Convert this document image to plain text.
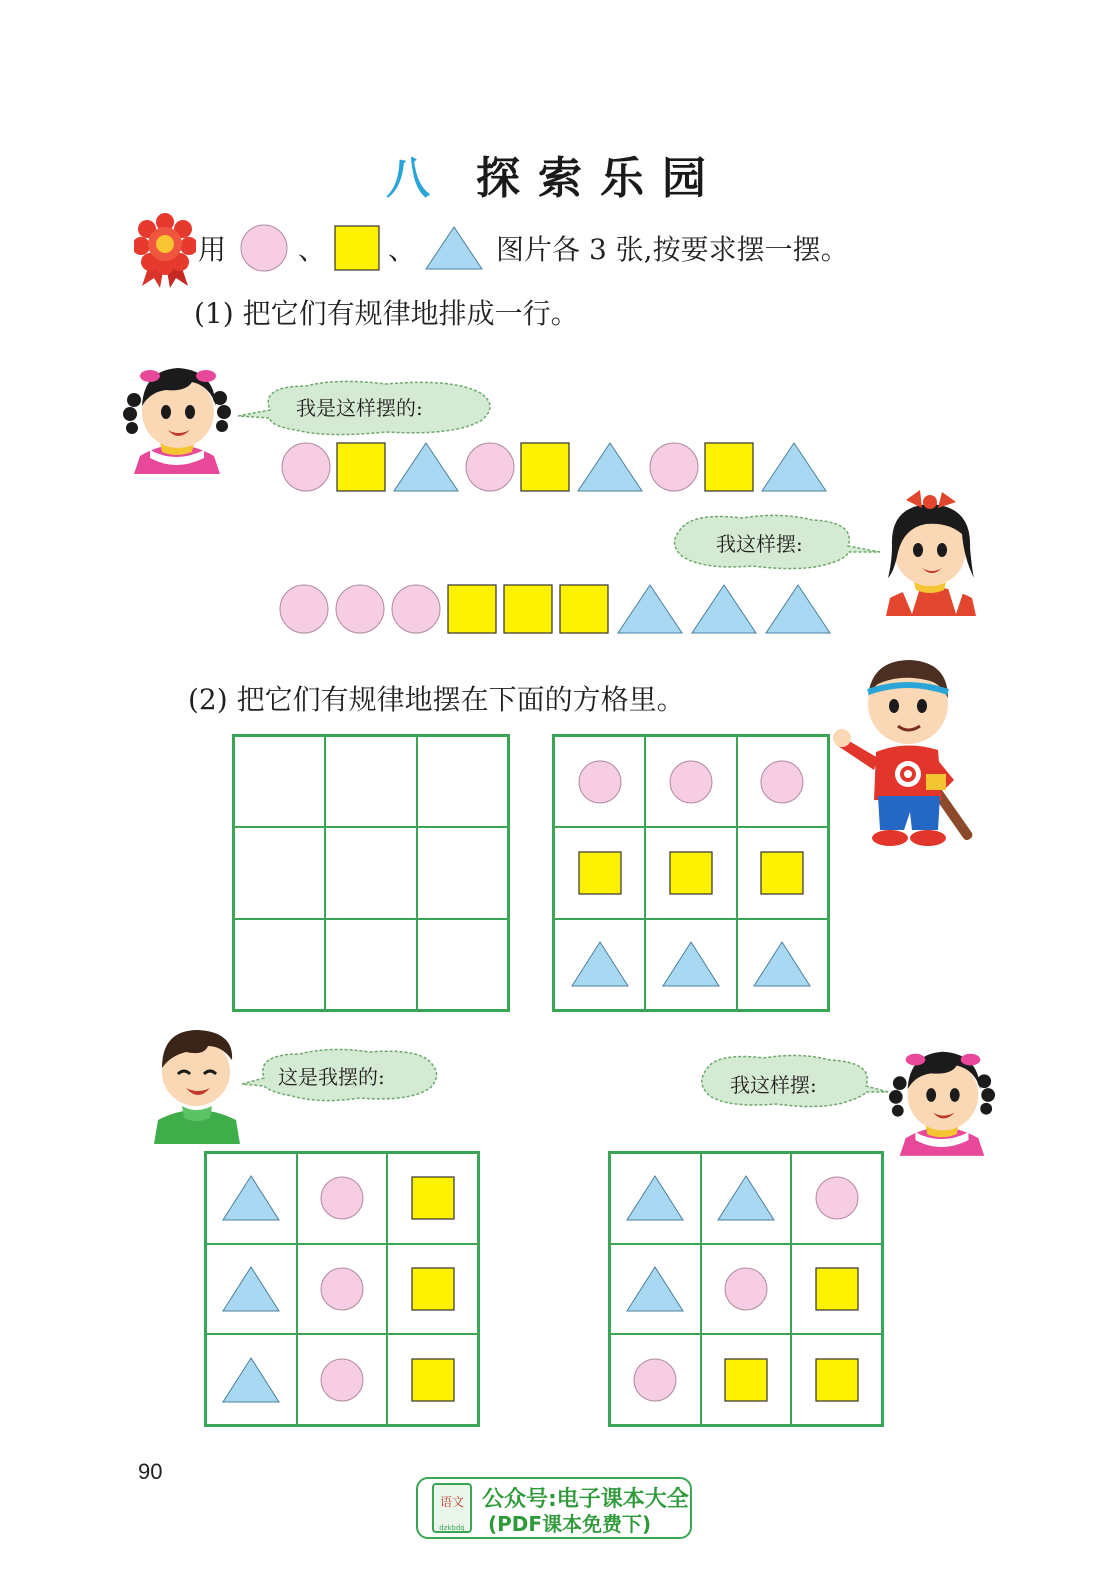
八 探索乐园
用	、 、	图片各 3 张,按要求摆一摆。
(1) 把它们有规律地排成一行。
我是这样摆的:
我这样摆:
(2) 把它们有规律地摆在下面的方格里。
这是我摆的:	我这样摆:
90
语文
dzkbdq
公众号:电子课本大全
(PDF课本免费下)
